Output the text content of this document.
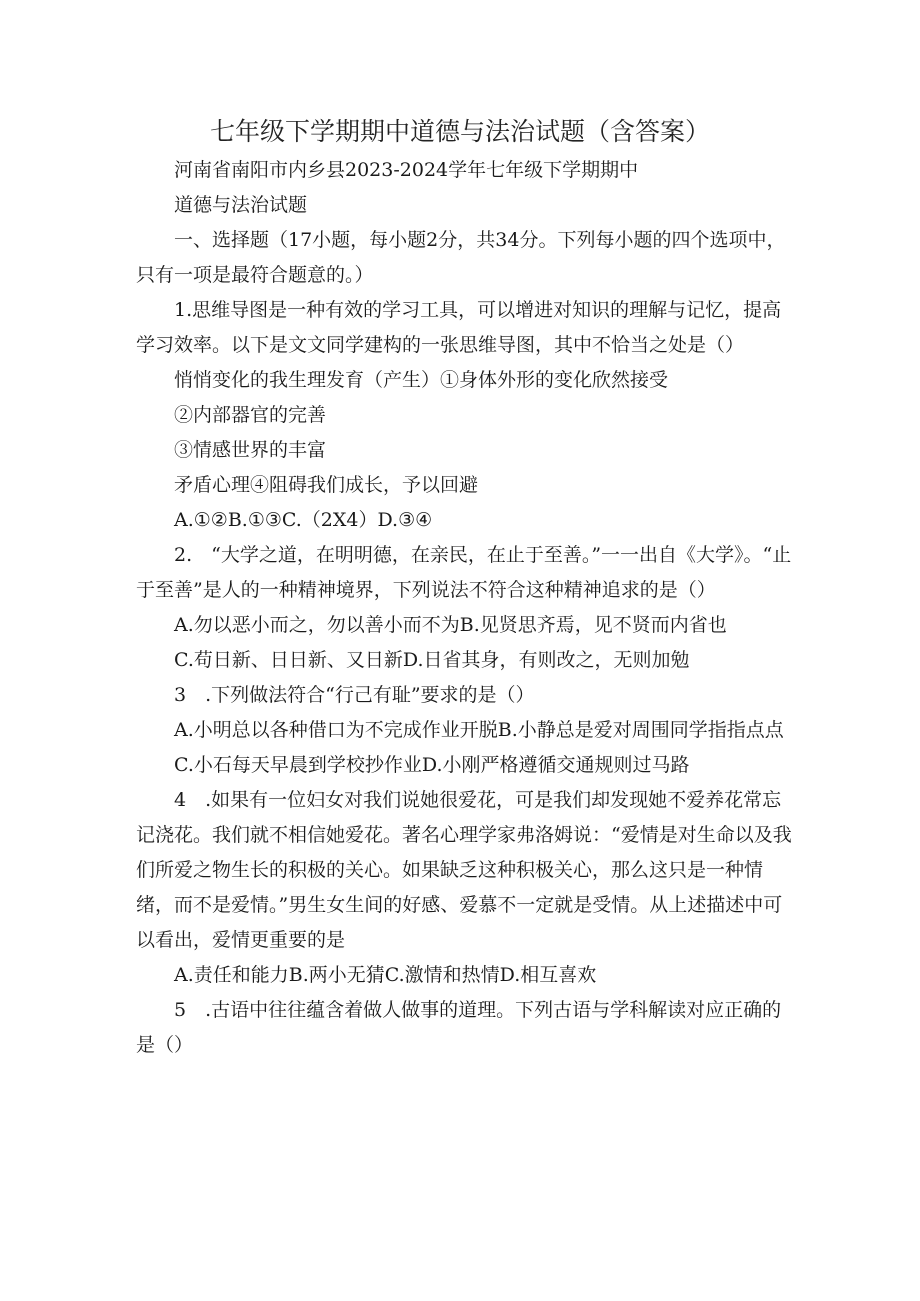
七年级下学期期中道德与法治试题（含答案）

河南省南阳市内乡县2023-2024学年七年级下学期期中

道德与法治试题

一、选择题（17小题，每小题2分，共34分。下列每小题的四个选项中，只有一项是最符合题意的。）

1.思维导图是一种有效的学习工具，可以增进对知识的理解与记忆，提高学习效率。以下是文文同学建构的一张思维导图，其中不恰当之处是（）

悄悄变化的我生理发育（产生）①身体外形的变化欣然接受

②内部器官的完善

③情感世界的丰富

矛盾心理④阻碍我们成长，予以回避

A.①②B.①③C.（2X4）D.③④

2.　“大学之道，在明明德，在亲民，在止于至善。”一一出自《大学》。“止于至善”是人的一种精神境界，下列说法不符合这种精神追求的是（）

A.勿以恶小而之，勿以善小而不为B.见贤思齐焉，见不贤而内省也

C.苟日新、日日新、又日新D.日省其身，有则改之，无则加勉

3　.下列做法符合“行己有耻”要求的是（）

A.小明总以各种借口为不完成作业开脱B.小静总是爱对周围同学指指点点

C.小石每天早晨到学校抄作业D.小刚严格遵循交通规则过马路

4　.如果有一位妇女对我们说她很爱花，可是我们却发现她不爱养花常忘记浇花。我们就不相信她爱花。著名心理学家弗洛姆说：“爱情是对生命以及我们所爱之物生长的积极的关心。如果缺乏这种积极关心，那么这只是一种情绪，而不是爱情。”男生女生间的好感、爱慕不一定就是受情。从上述描述中可以看出，爱情更重要的是

A.责任和能力B.两小无猜C.激情和热情D.相互喜欢

5　.古语中往往蕴含着做人做事的道理。下列古语与学科解读对应正确的是（）
